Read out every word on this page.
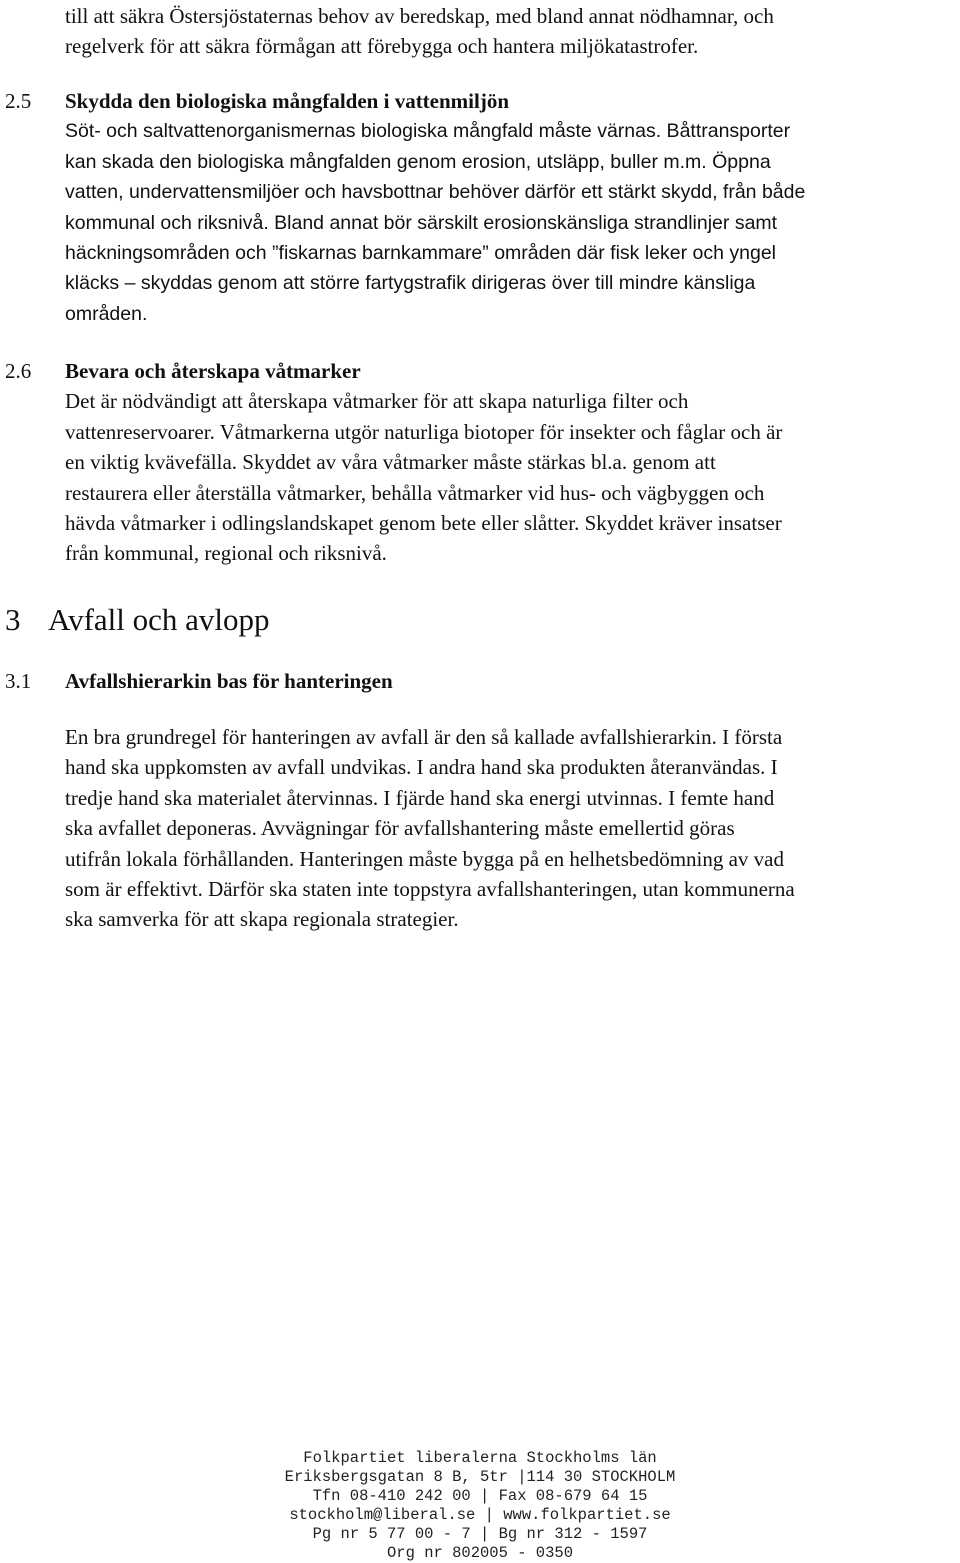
till att säkra Östersjöstaternas behov av beredskap, med bland annat nödhamnar, och
regelverk för att säkra förmågan att förebygga och hantera miljökatastrofer.
2.5 Skydda den biologiska mångfalden i vattenmiljön
Söt- och saltvattenorganismernas biologiska mångfald måste värnas. Båttransporter
kan skada den biologiska mångfalden genom erosion, utsläpp, buller m.m. Öppna
vatten, undervattensmiljöer och havsbottnar behöver därför ett stärkt skydd, från både
kommunal och riksnivå. Bland annat bör särskilt erosionskänsliga strandlinjer samt
häckningsområden och ”fiskarnas barnkammare” områden där fisk leker och yngel
kläcks – skyddas genom att större fartygstrafik dirigeras över till mindre känsliga
områden.
2.6 Bevara och återskapa våtmarker
Det är nödvändigt att återskapa våtmarker för att skapa naturliga filter och
vattenreservoarer. Våtmarkerna utgör naturliga biotoper för insekter och fåglar och är
en viktig kvävefälla. Skyddet av våra våtmarker måste stärkas bl.a. genom att
restaurera eller återställa våtmarker, behålla våtmarker vid hus- och vägbyggen och
hävda våtmarker i odlingslandskapet genom bete eller slåtter. Skyddet kräver insatser
från kommunal, regional och riksnivå.
3 Avfall och avlopp
3.1 Avfallshierarkin bas för hanteringen
En bra grundregel för hanteringen av avfall är den så kallade avfallshierarkin. I första
hand ska uppkomsten av avfall undvikas. I andra hand ska produkten återanvändas. I
tredje hand ska materialet återvinnas. I fjärde hand ska energi utvinnas. I femte hand
ska avfallet deponeras. Avvägningar för avfallshantering måste emellertid göras
utifrån lokala förhållanden. Hanteringen måste bygga på en helhetsbedömning av vad
som är effektivt. Därför ska staten inte toppstyra avfallshanteringen, utan kommunerna
ska samverka för att skapa regionala strategier.
Folkpartiet liberalerna Stockholms län
Eriksbergsgatan 8 B, 5tr |114 30 STOCKHOLM
Tfn 08-410 242 00 | Fax 08-679 64 15
stockholm@liberal.se | www.folkpartiet.se
Pg nr 5 77 00 - 7 | Bg nr 312 - 1597
Org nr 802005 - 0350
